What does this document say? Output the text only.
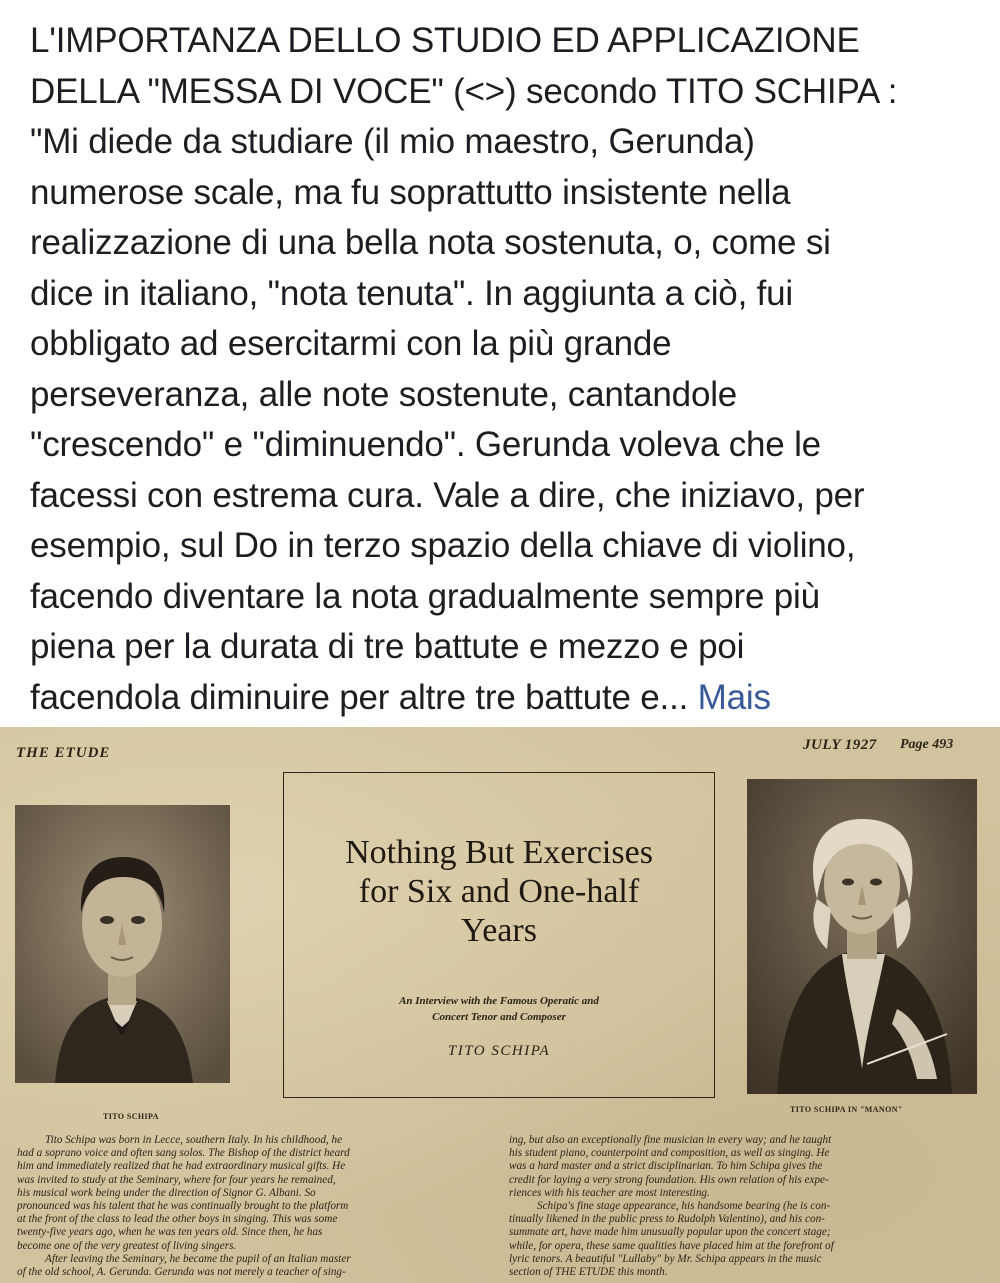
L'IMPORTANZA DELLO STUDIO ED APPLICAZIONE
DELLA "MESSA DI VOCE" (<>) secondo TITO SCHIPA :
"Mi diede da studiare (il mio maestro, Gerunda)
numerose scale, ma fu soprattutto insistente nella
realizzazione di una bella nota sostenuta, o, come si
dice in italiano, "nota tenuta". In aggiunta a ciò, fui
obbligato ad esercitarmi con la più grande
perseveranza, alle note sostenute, cantandole
"crescendo" e "diminuendo". Gerunda voleva che le
facessi con estrema cura. Vale a dire, che iniziavo, per
esempio, sul Do in terzo spazio della chiave di violino,
facendo diventare la nota gradualmente sempre più
piena per la durata di tre battute e mezzo e poi
facendola diminuire per altre tre battute e... Mais
THE ETUDE	JULY 1927 Page 493
TITO SCHIPA
TITO SCHIPA IN "MANON"
Nothing But Exercises
for Six and One-half
Years
An Interview with the Famous Operatic and
Concert Tenor and Composer
TITO SCHIPA
Tito Schipa was born in Lecce, southern Italy. In his childhood, he
had a soprano voice and often sang solos. The Bishop of the district heard
him and immediately realized that he had extraordinary musical gifts. He
was invited to study at the Seminary, where for four years he remained,
his musical work being under the direction of Signor G. Albani. So
pronounced was his talent that he was continually brought to the platform
at the front of the class to lead the other boys in singing. This was some
twenty-five years ago, when he was ten years old. Since then, he has
become one of the very greatest of living singers.
After leaving the Seminary, he became the pupil of an Italian master
of the old school, A. Gerunda. Gerunda was not merely a teacher of sing-
ing, but also an exceptionally fine musician in every way; and he taught
his student piano, counterpoint and composition, as well as singing. He
was a hard master and a strict disciplinarian. To him Schipa gives the
credit for laying a very strong foundation. His own relation of his expe-
riences with his teacher are most interesting.
Schipa's fine stage appearance, his handsome bearing (he is con-
tinually likened in the public press to Rudolph Valentino), and his con-
summate art, have made him unusually popular upon the concert stage;
while, for opera, these same qualities have placed him at the forefront of
lyric tenors. A beautiful "Lullaby" by Mr. Schipa appears in the music
section of THE ETUDE this month.
